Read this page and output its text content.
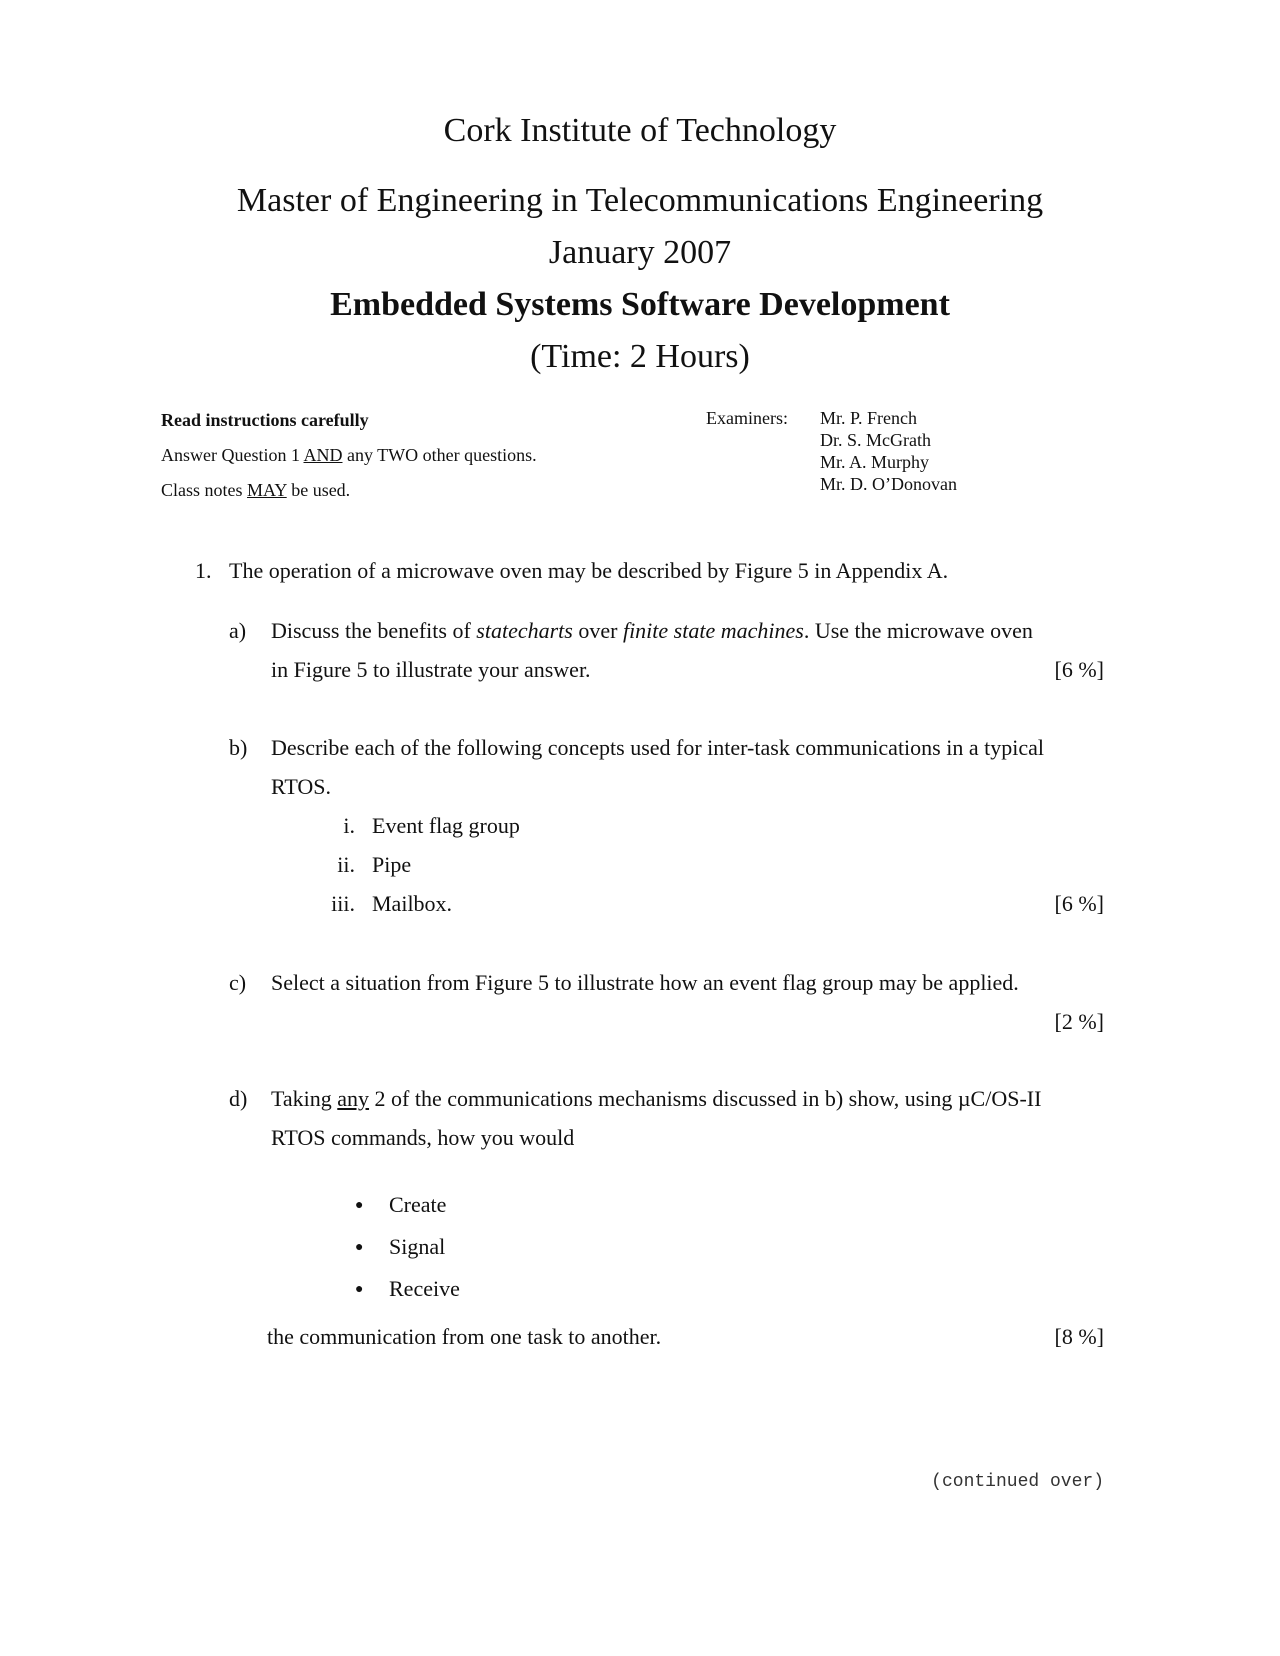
Cork Institute of Technology
Master of Engineering in Telecommunications Engineering
January 2007
Embedded Systems Software Development
(Time: 2 Hours)
Read instructions carefully
Answer Question 1 AND any TWO other questions.
Class notes MAY be used.
Examiners: Mr. P. French
Dr. S. McGrath
Mr. A. Murphy
Mr. D. O’Donovan
1. The operation of a microwave oven may be described by Figure 5 in Appendix A.
a) Discuss the benefits of statecharts over finite state machines. Use the microwave oven
in Figure 5 to illustrate your answer.	[6 %]
b) Describe each of the following concepts used for inter-task communications in a typical
RTOS.
i. Event flag group
ii. Pipe
iii. Mailbox.	[6 %]
c) Select a situation from Figure 5 to illustrate how an event flag group may be applied.
[2 %]
d) Taking any 2 of the communications mechanisms discussed in b) show, using µC/OS-II
RTOS commands, how you would
● Create
● Signal
● Receive
the communication from one task to another.	[8 %]
(continued over)
